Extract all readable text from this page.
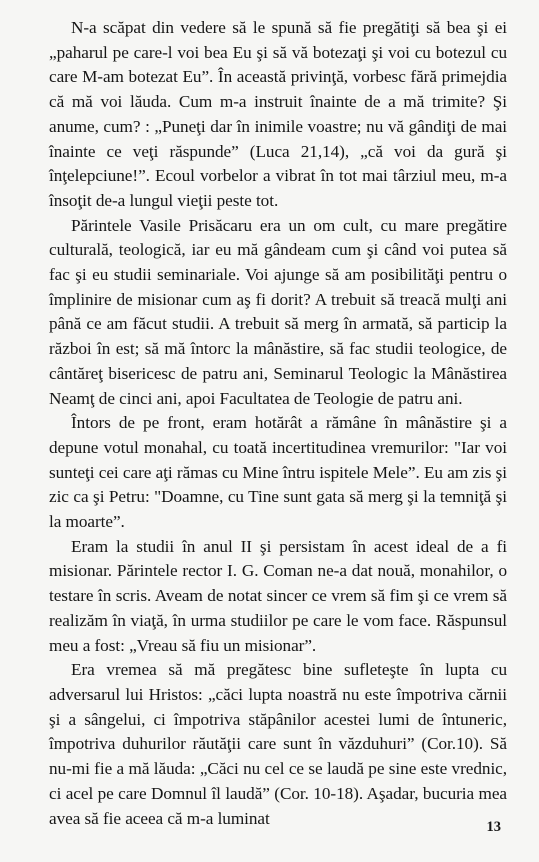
N-a scăpat din vedere să le spună să fie pregătiţi să bea şi ei „paharul pe care-l voi bea Eu şi să vă botezaţi şi voi cu botezul cu care M-am botezat Eu”. În această privinţă, vorbesc fără primejdia că mă voi lăuda. Cum m-a instruit înainte de a mă trimite? Şi anume, cum? : „Puneţi dar în inimile voastre; nu vă gândiţi de mai înainte ce veţi răspunde” (Luca 21,14), „că voi da gură şi înţelepciune!”. Ecoul vorbelor a vibrat în tot mai târziul meu, m-a însoţit de-a lungul vieţii peste tot.

Părintele Vasile Prisăcaru era un om cult, cu mare pregătire culturală, teologică, iar eu mă gândeam cum şi când voi putea să fac şi eu studii seminariale. Voi ajunge să am posibilităţi pentru o împlinire de misionar cum aş fi dorit? A trebuit să treacă mulţi ani până ce am făcut studii. A trebuit să merg în armată, să particip la război în est; să mă întorc la mânăstire, să fac studii teologice, de cântăreţ bisericesc de patru ani, Seminarul Teologic la Mânăstirea Neamţ de cinci ani, apoi Facultatea de Teologie de patru ani.

Întors de pe front, eram hotărât a rămâne în mânăstire şi a depune votul monahal, cu toată incertitudinea vremurilor: "Iar voi sunteţi cei care aţi rămas cu Mine întru ispitele Mele”. Eu am zis şi zic ca şi Petru: "Doamne, cu Tine sunt gata să merg şi la temniţă şi la moarte”.

Eram la studii în anul II şi persistam în acest ideal de a fi misionar. Părintele rector I. G. Coman ne-a dat nouă, monahilor, o testare în scris. Aveam de notat sincer ce vrem să fim şi ce vrem să realizăm în viaţă, în urma studiilor pe care le vom face. Răspunsul meu a fost: „Vreau să fiu un misionar”.

Era vremea să mă pregătesc bine sufleteşte în lupta cu adversarul lui Hristos: „căci lupta noastră nu este împotriva cărnii şi a sângelui, ci împotriva stăpânilor acestei lumi de întuneric, împotriva duhurilor răutăţii care sunt în văzduhuri” (Cor.10). Să nu-mi fie a mă lăuda: „Căci nu cel ce se laudă pe sine este vrednic, ci acel pe care Domnul îl laudă” (Cor. 10-18). Aşadar, bucuria mea avea să fie aceea că m-a luminat	13
